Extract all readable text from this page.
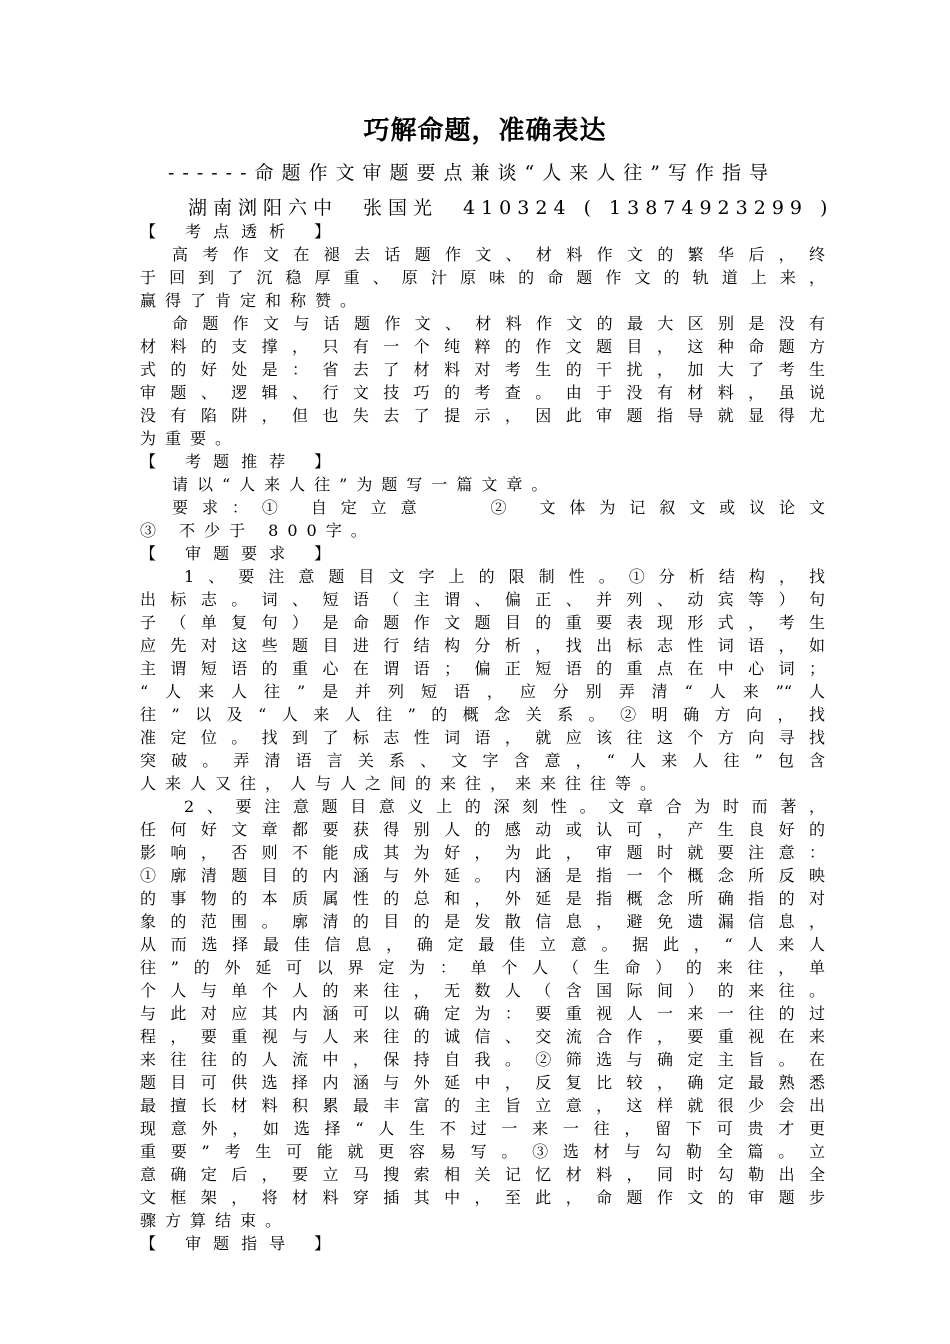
巧解命题，准确表达
------命题作文审题要点兼谈“人来人往”写作指导
湖南浏阳六中　张国光　410324 ( 13874923299 )
【 考点透析 】
高考作文在褪去话题作文、材料作文的繁华后，终
于回到了沉稳厚重、原汁原味的命题作文的轨道上来，
赢得了肯定和称赞。
命题作文与话题作文、材料作文的最大区别是没有
材料的支撑，只有一个纯粹的作文题目，这种命题方
式的好处是：省去了材料对考生的干扰，加大了考生
审题、逻辑、行文技巧的考查。由于没有材料，虽说
没有陷阱，但也失去了提示，因此审题指导就显得尤
为重要。
【 考题推荐 】
请以“人来人往”为题写一篇文章。
要求：① 自定立意　　② 文体为记叙文或议论文
③ 不少于 800字。
【 审题要求 】
1、要注意题目文字上的限制性。①分析结构，找
出标志。词、短语（主谓、偏正、并列、动宾等）句
子（单复句）是命题作文题目的重要表现形式，考生
应先对这些题目进行结构分析，找出标志性词语，如
主谓短语的重心在谓语；偏正短语的重点在中心词；
“人来人往”是并列短语，应分别弄清“人来”“人
往”以及“人来人往”的概念关系。②明确方向，找
准定位。找到了标志性词语，就应该往这个方向寻找
突破。弄清语言关系、文字含意，“人来人往”包含
人来人又往，人与人之间的来往，来来往往等。
2、要注意题目意义上的深刻性。文章合为时而著，
任何好文章都要获得别人的感动或认可，产生良好的
影响，否则不能成其为好，为此，审题时就要注意：
①廓清题目的内涵与外延。内涵是指一个概念所反映
的事物的本质属性的总和，外延是指概念所确指的对
象的范围。廓清的目的是发散信息，避免遗漏信息，
从而选择最佳信息，确定最佳立意。据此，“人来人
往”的外延可以界定为：单个人（生命）的来往，单
个人与单个人的来往，无数人（含国际间）的来往。
与此对应其内涵可以确定为：要重视人一来一往的过
程，要重视与人来往的诚信、交流合作，要重视在来
来往往的人流中，保持自我。②筛选与确定主旨。在
题目可供选择内涵与外延中，反复比较，确定最熟悉
最擅长材料积累最丰富的主旨立意，这样就很少会出
现意外，如选择“人生不过一来一往，留下可贵才更
重要”考生可能就更容易写。③选材与勾勒全篇。立
意确定后，要立马搜索相关记忆材料，同时勾勒出全
文框架，将材料穿插其中，至此，命题作文的审题步
骤方算结束。
【 审题指导 】
